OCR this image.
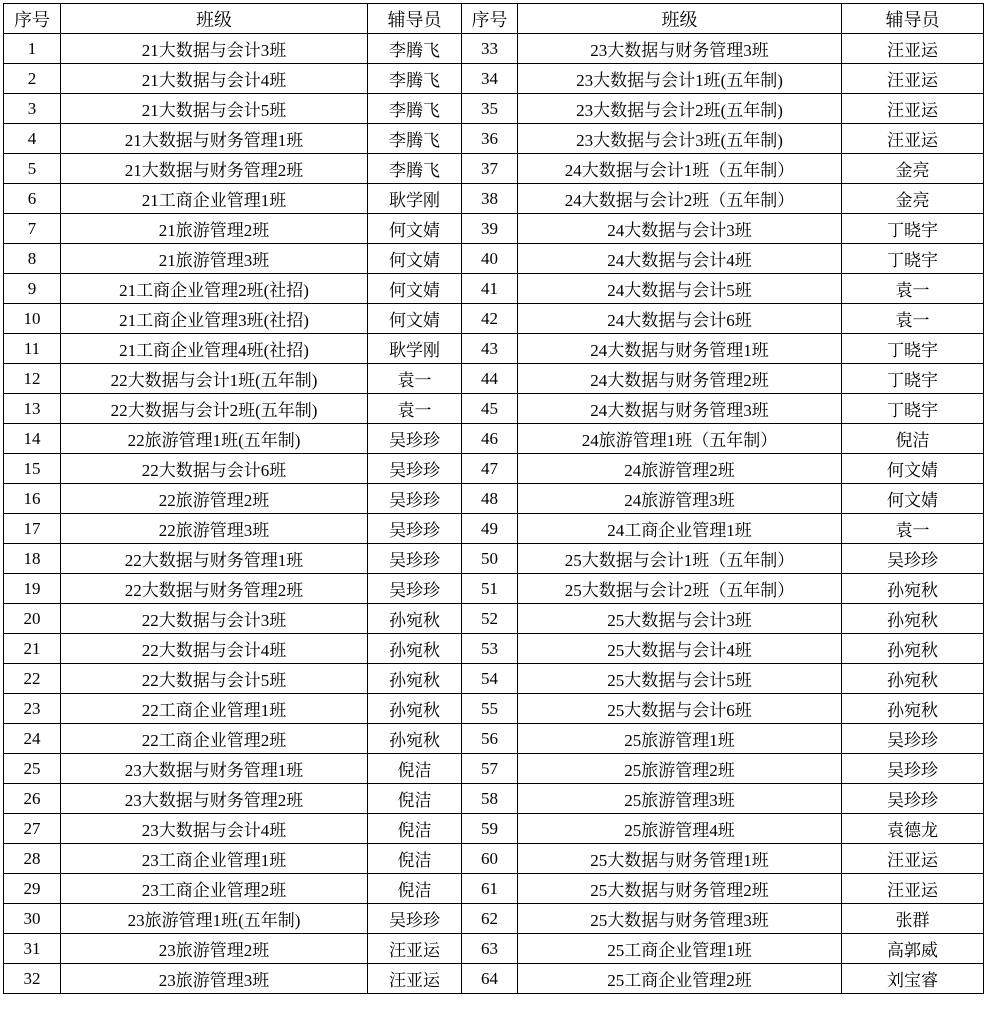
序号	班级	辅导员	序号	班级	辅导员
1	21大数据与会计3班	李腾飞	33	23大数据与财务管理3班	汪亚运
2	21大数据与会计4班	李腾飞	34	23大数据与会计1班(五年制)	汪亚运
3	21大数据与会计5班	李腾飞	35	23大数据与会计2班(五年制)	汪亚运
4	21大数据与财务管理1班	李腾飞	36	23大数据与会计3班(五年制)	汪亚运
5	21大数据与财务管理2班	李腾飞	37	24大数据与会计1班（五年制）	金亮
6	21工商企业管理1班	耿学刚	38	24大数据与会计2班（五年制）	金亮
7	21旅游管理2班	何文婧	39	24大数据与会计3班	丁晓宇
8	21旅游管理3班	何文婧	40	24大数据与会计4班	丁晓宇
9	21工商企业管理2班(社招)	何文婧	41	24大数据与会计5班	袁一
10	21工商企业管理3班(社招)	何文婧	42	24大数据与会计6班	袁一
11	21工商企业管理4班(社招)	耿学刚	43	24大数据与财务管理1班	丁晓宇
12	22大数据与会计1班(五年制)	袁一	44	24大数据与财务管理2班	丁晓宇
13	22大数据与会计2班(五年制)	袁一	45	24大数据与财务管理3班	丁晓宇
14	22旅游管理1班(五年制)	吴珍珍	46	24旅游管理1班（五年制）	倪洁
15	22大数据与会计6班	吴珍珍	47	24旅游管理2班	何文婧
16	22旅游管理2班	吴珍珍	48	24旅游管理3班	何文婧
17	22旅游管理3班	吴珍珍	49	24工商企业管理1班	袁一
18	22大数据与财务管理1班	吴珍珍	50	25大数据与会计1班（五年制）	吴珍珍
19	22大数据与财务管理2班	吴珍珍	51	25大数据与会计2班（五年制）	孙宛秋
20	22大数据与会计3班	孙宛秋	52	25大数据与会计3班	孙宛秋
21	22大数据与会计4班	孙宛秋	53	25大数据与会计4班	孙宛秋
22	22大数据与会计5班	孙宛秋	54	25大数据与会计5班	孙宛秋
23	22工商企业管理1班	孙宛秋	55	25大数据与会计6班	孙宛秋
24	22工商企业管理2班	孙宛秋	56	25旅游管理1班	吴珍珍
25	23大数据与财务管理1班	倪洁	57	25旅游管理2班	吴珍珍
26	23大数据与财务管理2班	倪洁	58	25旅游管理3班	吴珍珍
27	23大数据与会计4班	倪洁	59	25旅游管理4班	袁德龙
28	23工商企业管理1班	倪洁	60	25大数据与财务管理1班	汪亚运
29	23工商企业管理2班	倪洁	61	25大数据与财务管理2班	汪亚运
30	23旅游管理1班(五年制)	吴珍珍	62	25大数据与财务管理3班	张群
31	23旅游管理2班	汪亚运	63	25工商企业管理1班	高郭威
32	23旅游管理3班	汪亚运	64	25工商企业管理2班	刘宝睿
